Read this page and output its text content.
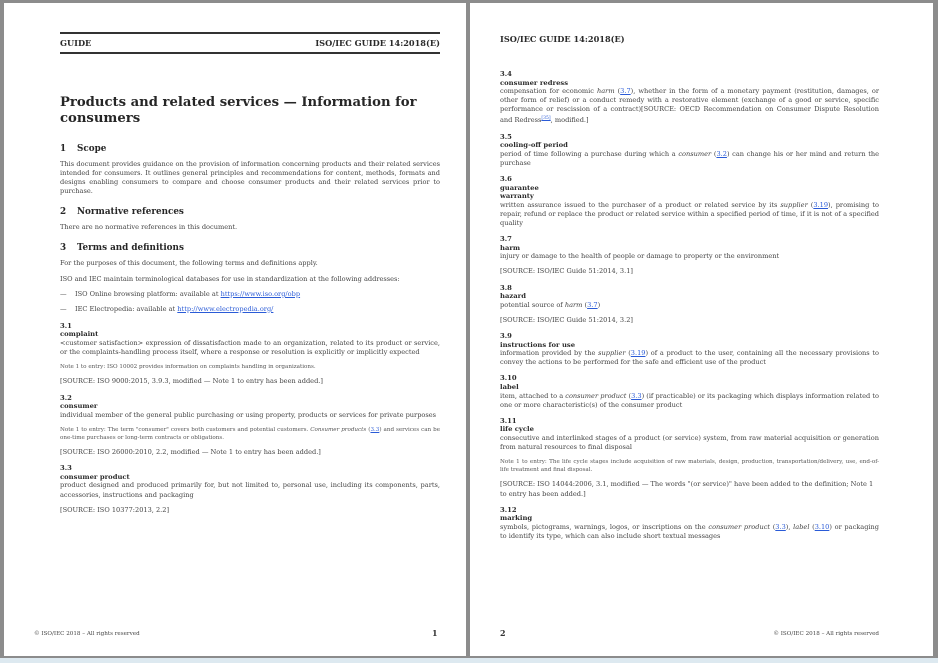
GUIDE	ISO/IEC GUIDE 14:2018(E)
Products and related services — Information for consumers
1 Scope

This document provides guidance on the provision of information concerning products and their related services intended for consumers. It outlines general principles and recommendations for content, methods, formats and designs enabling consumers to compare and choose consumer products and their related services prior to purchase.

2 Normative references

There are no normative references in this document.

3 Terms and definitions

For the purposes of this document, the following terms and definitions apply.

ISO and IEC maintain terminological databases for use in standardization at the following addresses:

—	ISO Online browsing platform: available at https://www.iso.org/obp
—	IEC Electropedia: available at http://www.electropedia.org/
3.1
complaint

<customer satisfaction> expression of dissatisfaction made to an organization, related to its product or service, or the complaints-handling process itself, where a response or resolution is explicitly or implicitly expected

Note 1 to entry: ISO 10002 provides information on complaints handling in organizations.

[SOURCE: ISO 9000:2015, 3.9.3, modified — Note 1 to entry has been added.]

3.2
consumer

individual member of the general public purchasing or using property, products or services for private purposes

Note 1 to entry: The term "consumer" covers both customers and potential customers. Consumer products (3.3) and services can be one-time purchases or long-term contracts or obligations.

[SOURCE: ISO 26000:2010, 2.2, modified — Note 1 to entry has been added.]

3.3
consumer product

product designed and produced primarily for, but not limited to, personal use, including its components, parts, accessories, instructions and packaging

[SOURCE: ISO 10377:2013, 2.2]

© ISO/IEC 2018 – All rights reserved	1
ISO/IEC GUIDE 14:2018(E)
3.4
consumer redress

compensation for economic harm (3.7), whether in the form of a monetary payment (restitution, damages, or other form of relief) or a conduct remedy with a restorative element (exchange of a good or service, specific performance or rescission of a contract)[SOURCE: OECD Recommendation on Consumer Dispute Resolution and Redress[35], modified.]

3.5
cooling-off period

period of time following a purchase during which a consumer (3.2) can change his or her mind and return the purchase

3.6
guarantee
warranty

written assurance issued to the purchaser of a product or related service by its supplier (3.19), promising to repair, refund or replace the product or related service within a specified period of time, if it is not of a specified quality

3.7
harm

injury or damage to the health of people or damage to property or the environment

[SOURCE: ISO/IEC Guide 51:2014, 3.1]

3.8
hazard

potential source of harm (3.7)

[SOURCE: ISO/IEC Guide 51:2014, 3.2]

3.9
instructions for use

information provided by the supplier (3.19) of a product to the user, containing all the necessary provisions to convey the actions to be performed for the safe and efficient use of the product

3.10
label

item, attached to a consumer product (3.3) (if practicable) or its packaging which displays information related to one or more characteristic(s) of the consumer product

3.11
life cycle

consecutive and interlinked stages of a product (or service) system, from raw material acquisition or generation from natural resources to final disposal

Note 1 to entry: The life cycle stages include acquisition of raw materials, design, production, transportation/delivery, use, end-of- life treatment and final disposal.

[SOURCE: ISO 14044:2006, 3.1, modified — The words "(or service)" have been added to the definition; Note 1 to entry has been added.]

3.12
marking

symbols, pictograms, warnings, logos, or inscriptions on the consumer product (3.3), label (3.10) or packaging to identify its type, which can also include short textual messages

2	© ISO/IEC 2018 – All rights reserved
